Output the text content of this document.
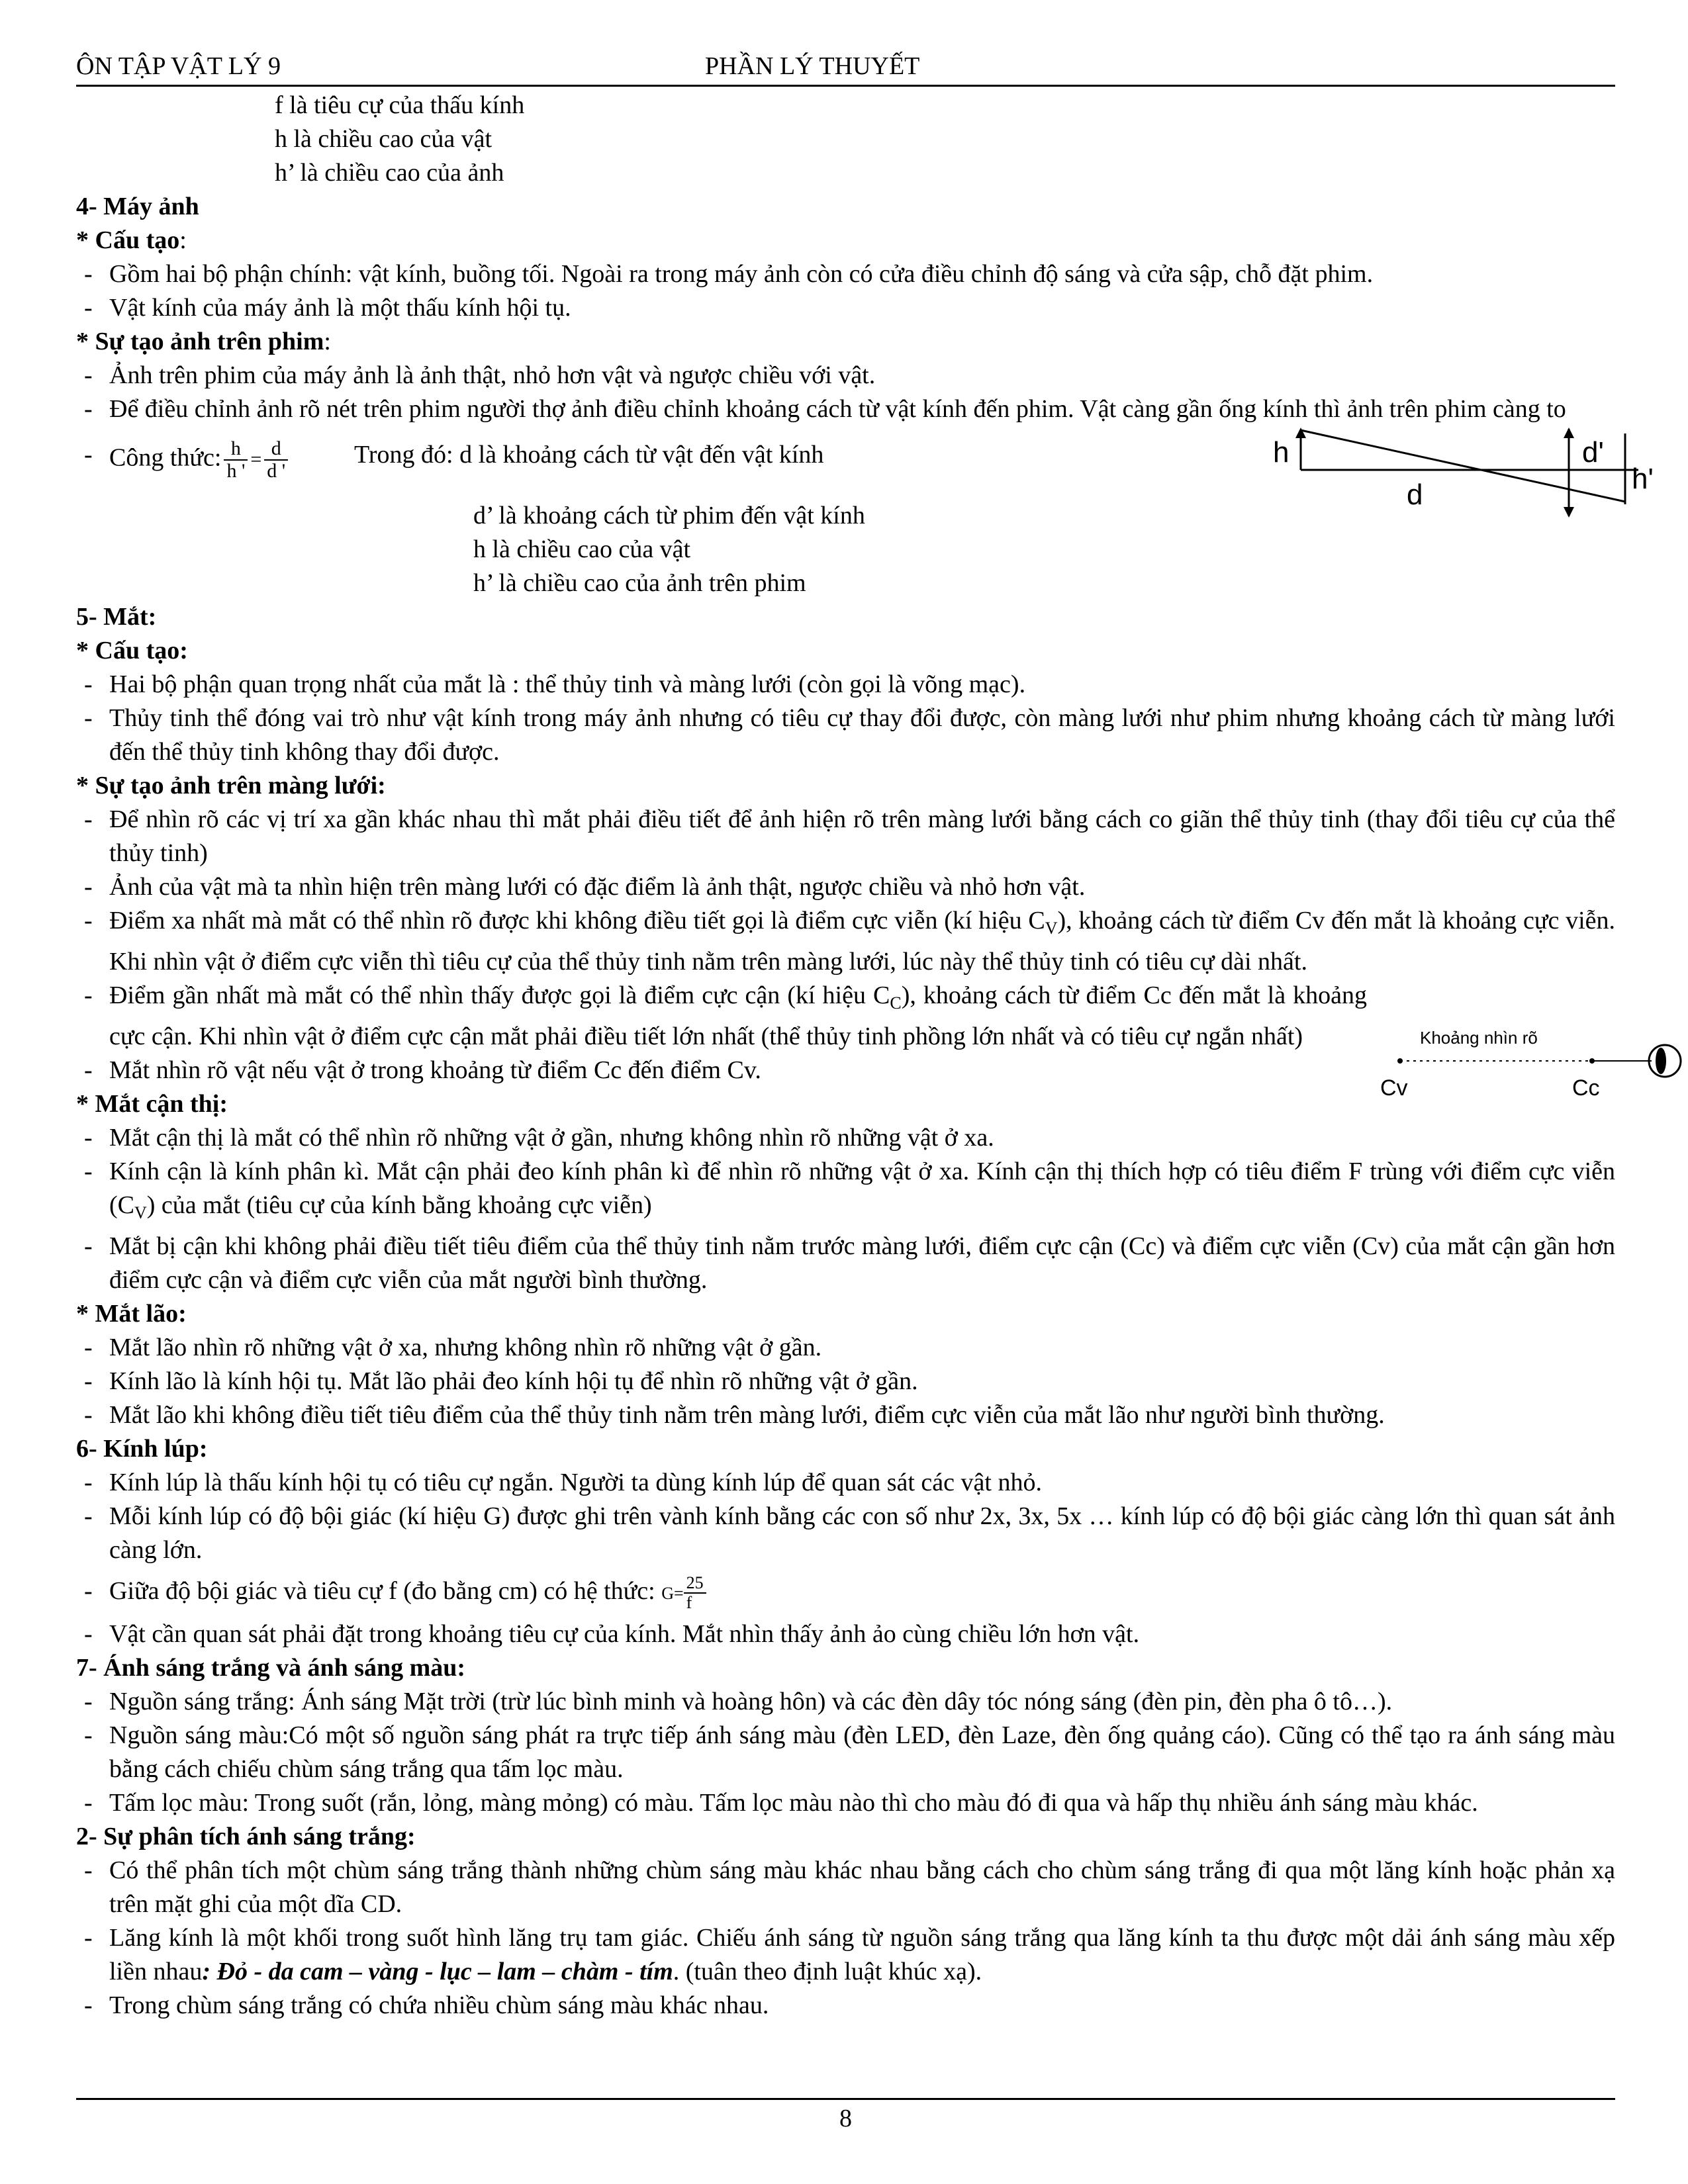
ÔN TẬP VẬT LÝ 9	PHẦN LÝ THUYẾT
f là tiêu cự của thấu kính
h là chiều cao của vật
h’ là chiều cao của ảnh
4- Máy ảnh
* Cấu tạo:
- Gồm hai bộ phận chính: vật kính, buồng tối. Ngoài ra trong máy ảnh còn có cửa điều chỉnh độ sáng và cửa sập, chỗ đặt phim.
- Vật kính của máy ảnh là một thấu kính hội tụ.
* Sự tạo ảnh trên phim:
- Ảnh trên phim của máy ảnh là ảnh thật, nhỏ hơn vật và ngược chiều với vật.
- Để điều chỉnh ảnh rõ nét trên phim người thợ ảnh điều chỉnh khoảng cách từ vật kính đến phim. Vật càng gần ống kính thì ảnh trên phim càng to
- Công thức: $\frac{h}{h '} = \frac{d}{d '}$	Trong đó: d là khoảng cách từ vật đến vật kính
d’ là khoảng cách từ phim đến vật kính
h là chiều cao của vật
h’ là chiều cao của ảnh trên phim
5- Mắt:
* Cấu tạo:
- Hai bộ phận quan trọng nhất của mắt là : thể thủy tinh và màng lưới (còn gọi là võng mạc).
- Thủy tinh thể đóng vai trò như vật kính trong máy ảnh nhưng có tiêu cự thay đổi được, còn màng lưới như phim nhưng khoảng cách từ màng lưới đến thể thủy tinh không thay đổi được.
* Sự tạo ảnh trên màng lưới:
- Để nhìn rõ các vị trí xa gần khác nhau thì mắt phải điều tiết để ảnh hiện rõ trên màng lưới bằng cách co giãn thể thủy tinh (thay đổi tiêu cự của thể thủy tinh)
- Ảnh của vật mà ta nhìn hiện trên màng lưới có đặc điểm là ảnh thật, ngược chiều và nhỏ hơn vật.
- Điểm xa nhất mà mắt có thể nhìn rõ được khi không điều tiết gọi là điểm cực viễn (kí hiệu $C_V$), khoảng cách từ điểm Cv đến mắt là khoảng cực viễn. Khi nhìn vật ở điểm cực viễn thì tiêu cự của thể thủy tinh nằm trên màng lưới, lúc này thể thủy tinh có tiêu cự dài nhất.
- Điểm gần nhất mà mắt có thể nhìn thấy được gọi là điểm cực cận (kí hiệu $C_C$), khoảng cách từ điểm Cc đến mắt là khoảng cực cận. Khi nhìn vật ở điểm cực cận mắt phải điều tiết lớn nhất (thể thủy tinh phồng lớn nhất và có tiêu cự ngắn nhất)
- Mắt nhìn rõ vật nếu vật ở trong khoảng từ điểm Cc đến điểm Cv.
* Mắt cận thị:
- Mắt cận thị là mắt có thể nhìn rõ những vật ở gần, nhưng không nhìn rõ những vật ở xa.
- Kính cận là kính phân kì. Mắt cận phải đeo kính phân kì để nhìn rõ những vật ở xa. Kính cận thị thích hợp có tiêu điểm F trùng với điểm cực viễn $(C_V)$ của mắt (tiêu cự của kính bằng khoảng cực viễn)
- Mắt bị cận khi không phải điều tiết tiêu điểm của thể thủy tinh nằm trước màng lưới, điểm cực cận (Cc) và điểm cực viễn (Cv) của mắt cận gần hơn điểm cực cận và điểm cực viễn của mắt người bình thường.
* Mắt lão:
- Mắt lão nhìn rõ những vật ở xa, nhưng không nhìn rõ những vật ở gần.
- Kính lão là kính hội tụ. Mắt lão phải đeo kính hội tụ để nhìn rõ những vật ở gần.
- Mắt lão khi không điều tiết tiêu điểm của thể thủy tinh nằm trên màng lưới, điểm cực viễn của mắt lão như người bình thường.
6- Kính lúp:
- Kính lúp là thấu kính hội tụ có tiêu cự ngắn. Người ta dùng kính lúp để quan sát các vật nhỏ.
- Mỗi kính lúp có độ bội giác (kí hiệu G) được ghi trên vành kính bằng các con số như 2x, 3x, 5x … kính lúp có độ bội giác càng lớn thì quan sát ảnh càng lớn.
- Giữa độ bội giác và tiêu cự f (đo bằng cm) có hệ thức: $G= \frac{25}{f}$
- Vật cần quan sát phải đặt trong khoảng tiêu cự của kính. Mắt nhìn thấy ảnh ảo cùng chiều lớn hơn vật.
7- Ánh sáng trắng và ánh sáng màu:
- Nguồn sáng trắng: Ánh sáng Mặt trời (trừ lúc bình minh và hoàng hôn) và các đèn dây tóc nóng sáng (đèn pin, đèn pha ô tô…).
- Nguồn sáng màu:Có một số nguồn sáng phát ra trực tiếp ánh sáng màu (đèn LED, đèn Laze, đèn ống quảng cáo). Cũng có thể tạo ra ánh sáng màu bằng cách chiếu chùm sáng trắng qua tấm lọc màu.
- Tấm lọc màu: Trong suốt (rắn, lỏng, màng mỏng) có màu. Tấm lọc màu nào thì cho màu đó đi qua và hấp thụ nhiều ánh sáng màu khác.
2- Sự phân tích ánh sáng trắng:
- Có thể phân tích một chùm sáng trắng thành những chùm sáng màu khác nhau bằng cách cho chùm sáng trắng đi qua một lăng kính hoặc phản xạ trên mặt ghi của một dĩa CD.
- Lăng kính là một khối trong suốt hình lăng trụ tam giác. Chiếu ánh sáng từ nguồn sáng trắng qua lăng kính ta thu được một dải ánh sáng màu xếp liền nhau: Đỏ - da cam – vàng - lục – lam – chàm - tím. (tuân theo định luật khúc xạ).
- Trong chùm sáng trắng có chứa nhiều chùm sáng màu khác nhau.
h
d
d'
h'
Khoảng nhìn rõ
Cv	Cc
8
